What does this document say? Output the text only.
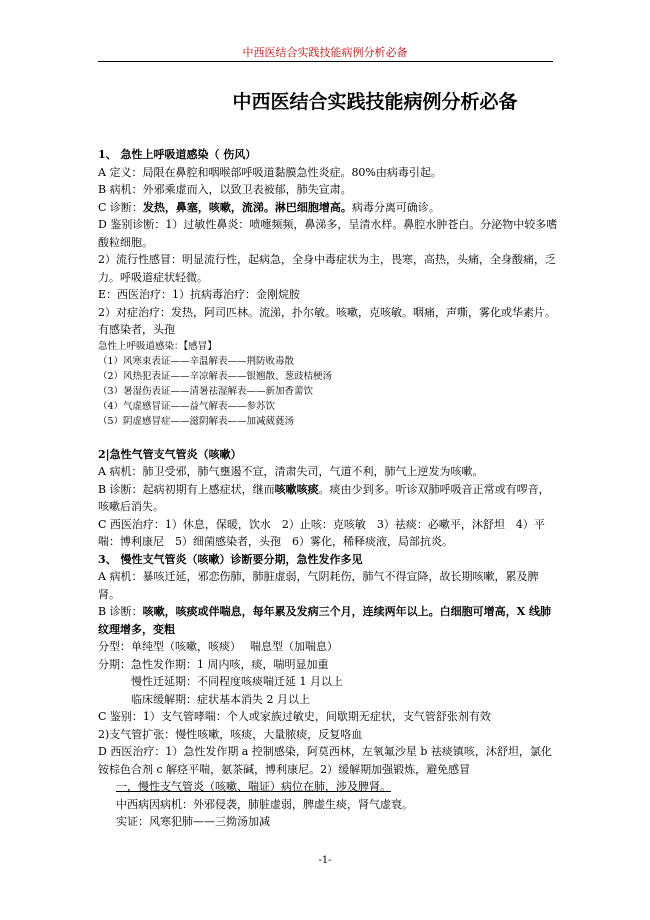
中西医结合实践技能病例分析必备
中西医结合实践技能病例分析必备

1、 急性上呼吸道感染（ 伤风）

A 定义：局限在鼻腔和咽喉部呼吸道黏膜急性炎症。80%由病毒引起。

B 病机：外邪乘虚而入，以致卫表被郁，肺失宣肃。

C 诊断：发热，鼻塞，咳嗽，流涕。淋巴细胞增高。病毒分离可确诊。

D 鉴别诊断：1）过敏性鼻炎：喷嚏频频，鼻涕多，呈清水样。鼻腔水肿苍白。分泌物中较多嗜酸粒细胞。

2）流行性感冒：明显流行性，起病急，全身中毒症状为主，畏寒，高热，头痛，全身酸痛，乏力。呼吸道症状轻微。

E：西医治疗：1）抗病毒治疗：金刚烷胺

2）对症治疗：发热，阿司匹林。流涕，扑尔敏。咳嗽，克咳敏。咽痛，声嘶，雾化或华素片。有感染者，头孢

急性上呼吸道感染：【感冒】

（1）风寒束表证——辛温解表——荆防败毒散

（2）风热犯表证——辛凉解表——银翘散、葱豉桔梗汤

（3）暑湿伤表证——清暑祛湿解表——新加香薷饮

（4）气虚感冒证——益气解表——参苏饮

（5）阴虚感冒症——滋阴解表——加减葳蕤汤

2|急性气管支气管炎（咳嗽）

A 病机：肺卫受邪，肺气壅遏不宣，清肃失司，气道不利，肺气上逆发为咳嗽。

B 诊断：起病初期有上感症状，继而咳嗽咳痰。痰由少到多。听诊双肺呼吸音正常或有啰音，咳嗽后消失。

C 西医治疗：1）休息，保暖，饮水　2）止咳：克咳敏　3）祛痰：必嗽平，沐舒坦　4）平喘：博利康尼　5）细菌感染者，头孢　6）雾化，稀释痰液，局部抗炎。

3、 慢性支气管炎（咳嗽）诊断要分期，急性发作多见

A 病机：暴咳迁延，邪恋伤肺，肺脏虚弱，气阴耗伤，肺气不得宣降，故长期咳嗽，累及脾肾。

B 诊断：咳嗽，咳痰或伴喘息，每年累及发病三个月，连续两年以上。白细胞可增高，X 线肺纹理增多，变粗

分型：单纯型（咳嗽，咳痰）　 喘息型（加喘息）

分期：急性发作期：1 周内咳，痰，喘明显加重

慢性迁延期：不同程度咳痰喘迁延 1 月以上

临床缓解期：症状基本消失 2 月以上

C 鉴别：1）支气管哮喘：个人或家族过敏史，间歇期无症状，支气管舒张剂有效

2)支气管扩张：慢性咳嗽，咳痰，大量脓痰，反复咯血

D 西医治疗：1）急性发作期 a 控制感染，阿莫西林，左氧氟沙星 b 祛痰镇咳，沐舒坦，氯化铵棕色合剂 c 解痉平喘，氨茶碱，博利康尼。2）缓解期加强锻炼，避免感冒

一，慢性支气管炎（咳嗽、喘证）病位在肺，涉及脾肾。

中西病因病机：外邪侵袭，肺脏虚弱，脾虚生痰，肾气虚衰。

实证：风寒犯肺——三拗汤加减

-1-
